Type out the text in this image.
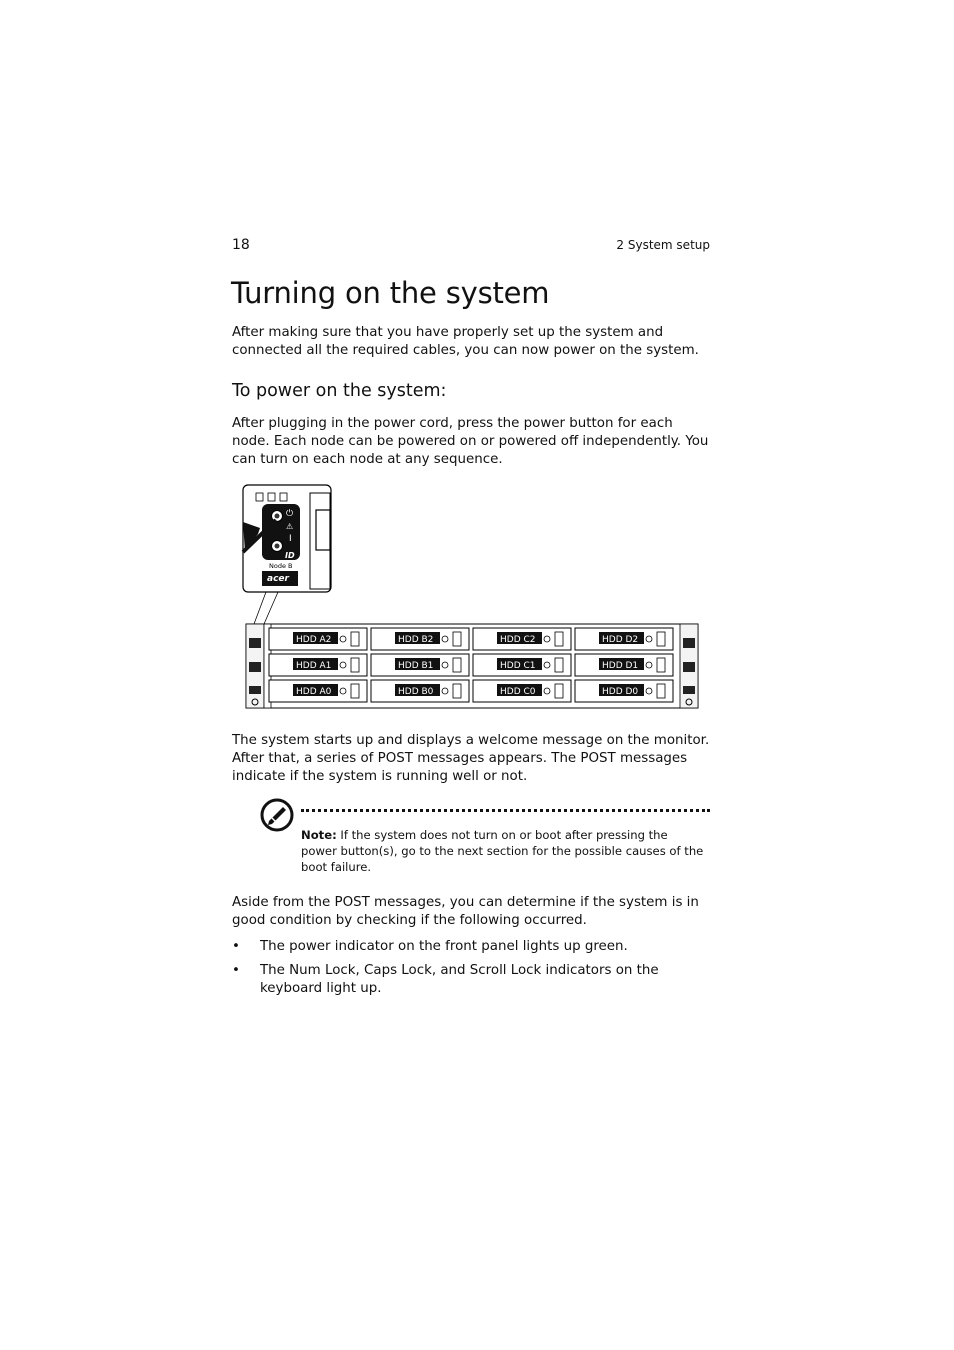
18	2 System setup
Turning on the system

After making sure that you have properly set up the system and connected all the required cables, you can now power on the system.

To power on the system:

After plugging in the power cord, press the power button for each node. Each node can be powered on or powered off independently. You can turn on each node at any sequence.

⏻
⚠
I
ID
Node B
acer
HDD A2	HDD B2	HDD C2	HDD D2
HDD A1	HDD B1	HDD C1	HDD D1
HDD A0	HDD B0	HDD C0	HDD D0

The system starts up and displays a welcome message on the monitor. After that, a series of POST messages appears. The POST messages indicate if the system is running well or not.

Note: If the system does not turn on or boot after pressing the power button(s), go to the next section for the possible causes of the boot failure.

Aside from the POST messages, you can determine if the system is in good condition by checking if the following occurred.

• The power indicator on the front panel lights up green.
• The Num Lock, Caps Lock, and Scroll Lock indicators on the keyboard light up.
